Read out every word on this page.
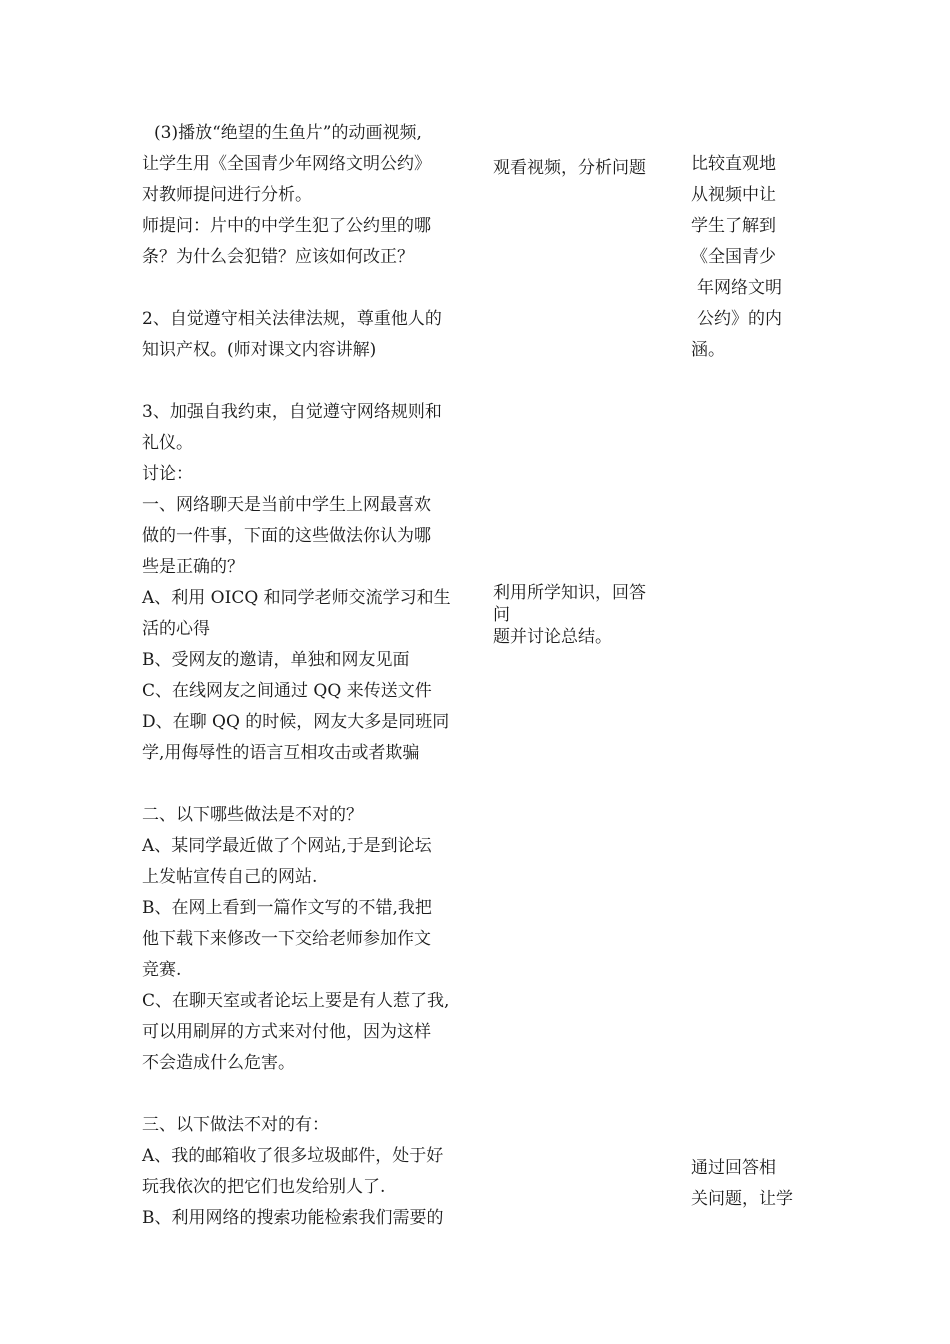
(3)播放“绝望的生鱼片”的动画视频,

让学生用《全国青少年网络文明公约》

对教师提问进行分析。

师提问：片中的中学生犯了公约里的哪

条？为什么会犯错？应该如何改正？

2、自觉遵守相关法律法规，尊重他人的

知识产权。(师对课文内容讲解)

3、加强自我约束，自觉遵守网络规则和

礼仪。

讨论：

一、网络聊天是当前中学生上网最喜欢

做的一件事，下面的这些做法你认为哪

些是正确的？

A、利用 OICQ 和同学老师交流学习和生

活的心得

B、受网友的邀请，单独和网友见面

C、在线网友之间通过 QQ 来传送文件

D、在聊 QQ 的时候，网友大多是同班同

学,用侮辱性的语言互相攻击或者欺骗

二、以下哪些做法是不对的？

A、某同学最近做了个网站,于是到论坛

上发帖宣传自己的网站.

B、在网上看到一篇作文写的不错,我把

他下载下来修改一下交给老师参加作文

竞赛.

C、在聊天室或者论坛上要是有人惹了我,

可以用刷屏的方式来对付他，因为这样

不会造成什么危害。

三、以下做法不对的有：

A、我的邮箱收了很多垃圾邮件，处于好

玩我依次的把它们也发给别人了.

B、利用网络的搜索功能检索我们需要的

观看视频，分析问题

利用所学知识，回答

问

题并讨论总结。

比较直观地

从视频中让

学生了解到

《全国青少

年网络文明

公约》的内

涵。

通过回答相

关问题，让学
